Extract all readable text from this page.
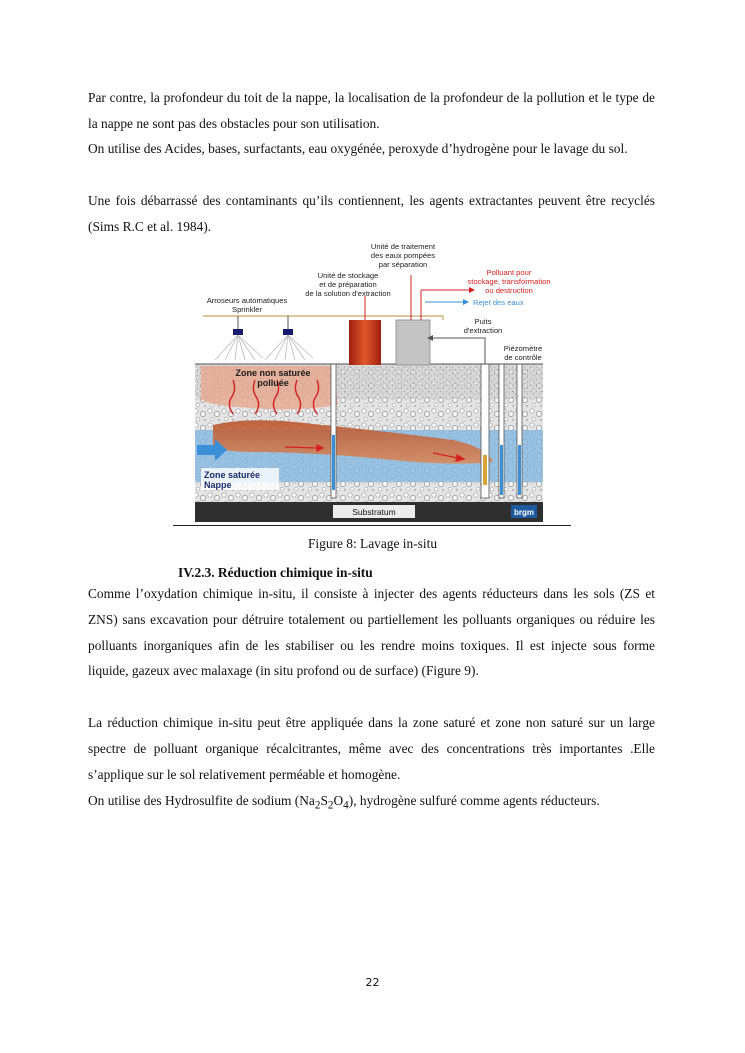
Par contre, la profondeur du toit de la nappe, la localisation de la profondeur de la pollution et le type de la nappe ne sont pas des obstacles pour son utilisation.

On utilise des Acides, bases, surfactants, eau oxygénée, peroxyde d’hydrogène pour le lavage du sol.

Une fois débarrassé des contaminants qu’ils contiennent, les agents extractantes peuvent être recyclés (Sims R.C et al. 1984).

Substratum	brgm
Unité de traitement
des eaux pompées
par séparation
Unité de stockage
et de préparation
de la solution d'extraction
Polluant pour
stockage, transformation
ou destruction
Rejet des eaux
Arroseurs automatiques
Sprinkler
Puits
d'extraction
Piézomètre
de contrôle
Zone non saturée
polluée
Zone saturée
Nappe
Figure 8: Lavage in-situ
IV.2.3. Réduction chimique in-situ

Comme l’oxydation chimique in-situ, il consiste à injecter des agents réducteurs dans les sols (ZS et ZNS) sans excavation pour détruire totalement ou partiellement les polluants organiques ou réduire les polluants inorganiques afin de les stabiliser ou les rendre moins toxiques. Il est injecte sous forme liquide, gazeux avec malaxage (in situ profond ou de surface) (Figure 9).

La réduction chimique in-situ peut être appliquée dans la zone saturé et zone non saturé sur un large spectre de polluant organique récalcitrantes, même avec des concentrations très importantes .Elle s’applique sur le sol relativement perméable et homogène.

On utilise des Hydrosulfite de sodium $(Na_2S_2O_4)$, hydrogène sulfuré comme agents réducteurs.

22
